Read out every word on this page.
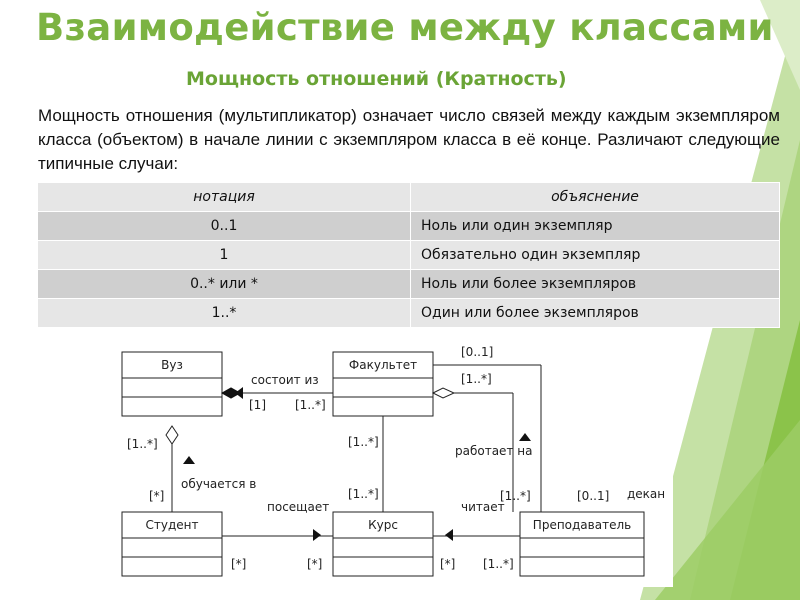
Взаимодействие между классами
Мощность отношений (Кратность)
Мощность отношения (мультипликатор) означает число связей между каждым экземпляром класса (объектом) в начале линии с экземпляром класса в её конце. Различают следующие типичные случаи:
нотация	объяснение
0..1	Ноль или один экземпляр
1	Обязательно один экземпляр
0..* или *	Ноль или более экземпляров
1..*	Один или более экземпляров
Вуз	Факультет
Студент	Курс	Преподаватель
состоит из
обучается в
посещает	читает
работает на
декан
[1] [1..*]
[1..*]
[*]
[1..*]
[1..*]
[0..1]
[1..*]
[1..*]	[0..1]
[*]	[*]	[*] [1..*]
